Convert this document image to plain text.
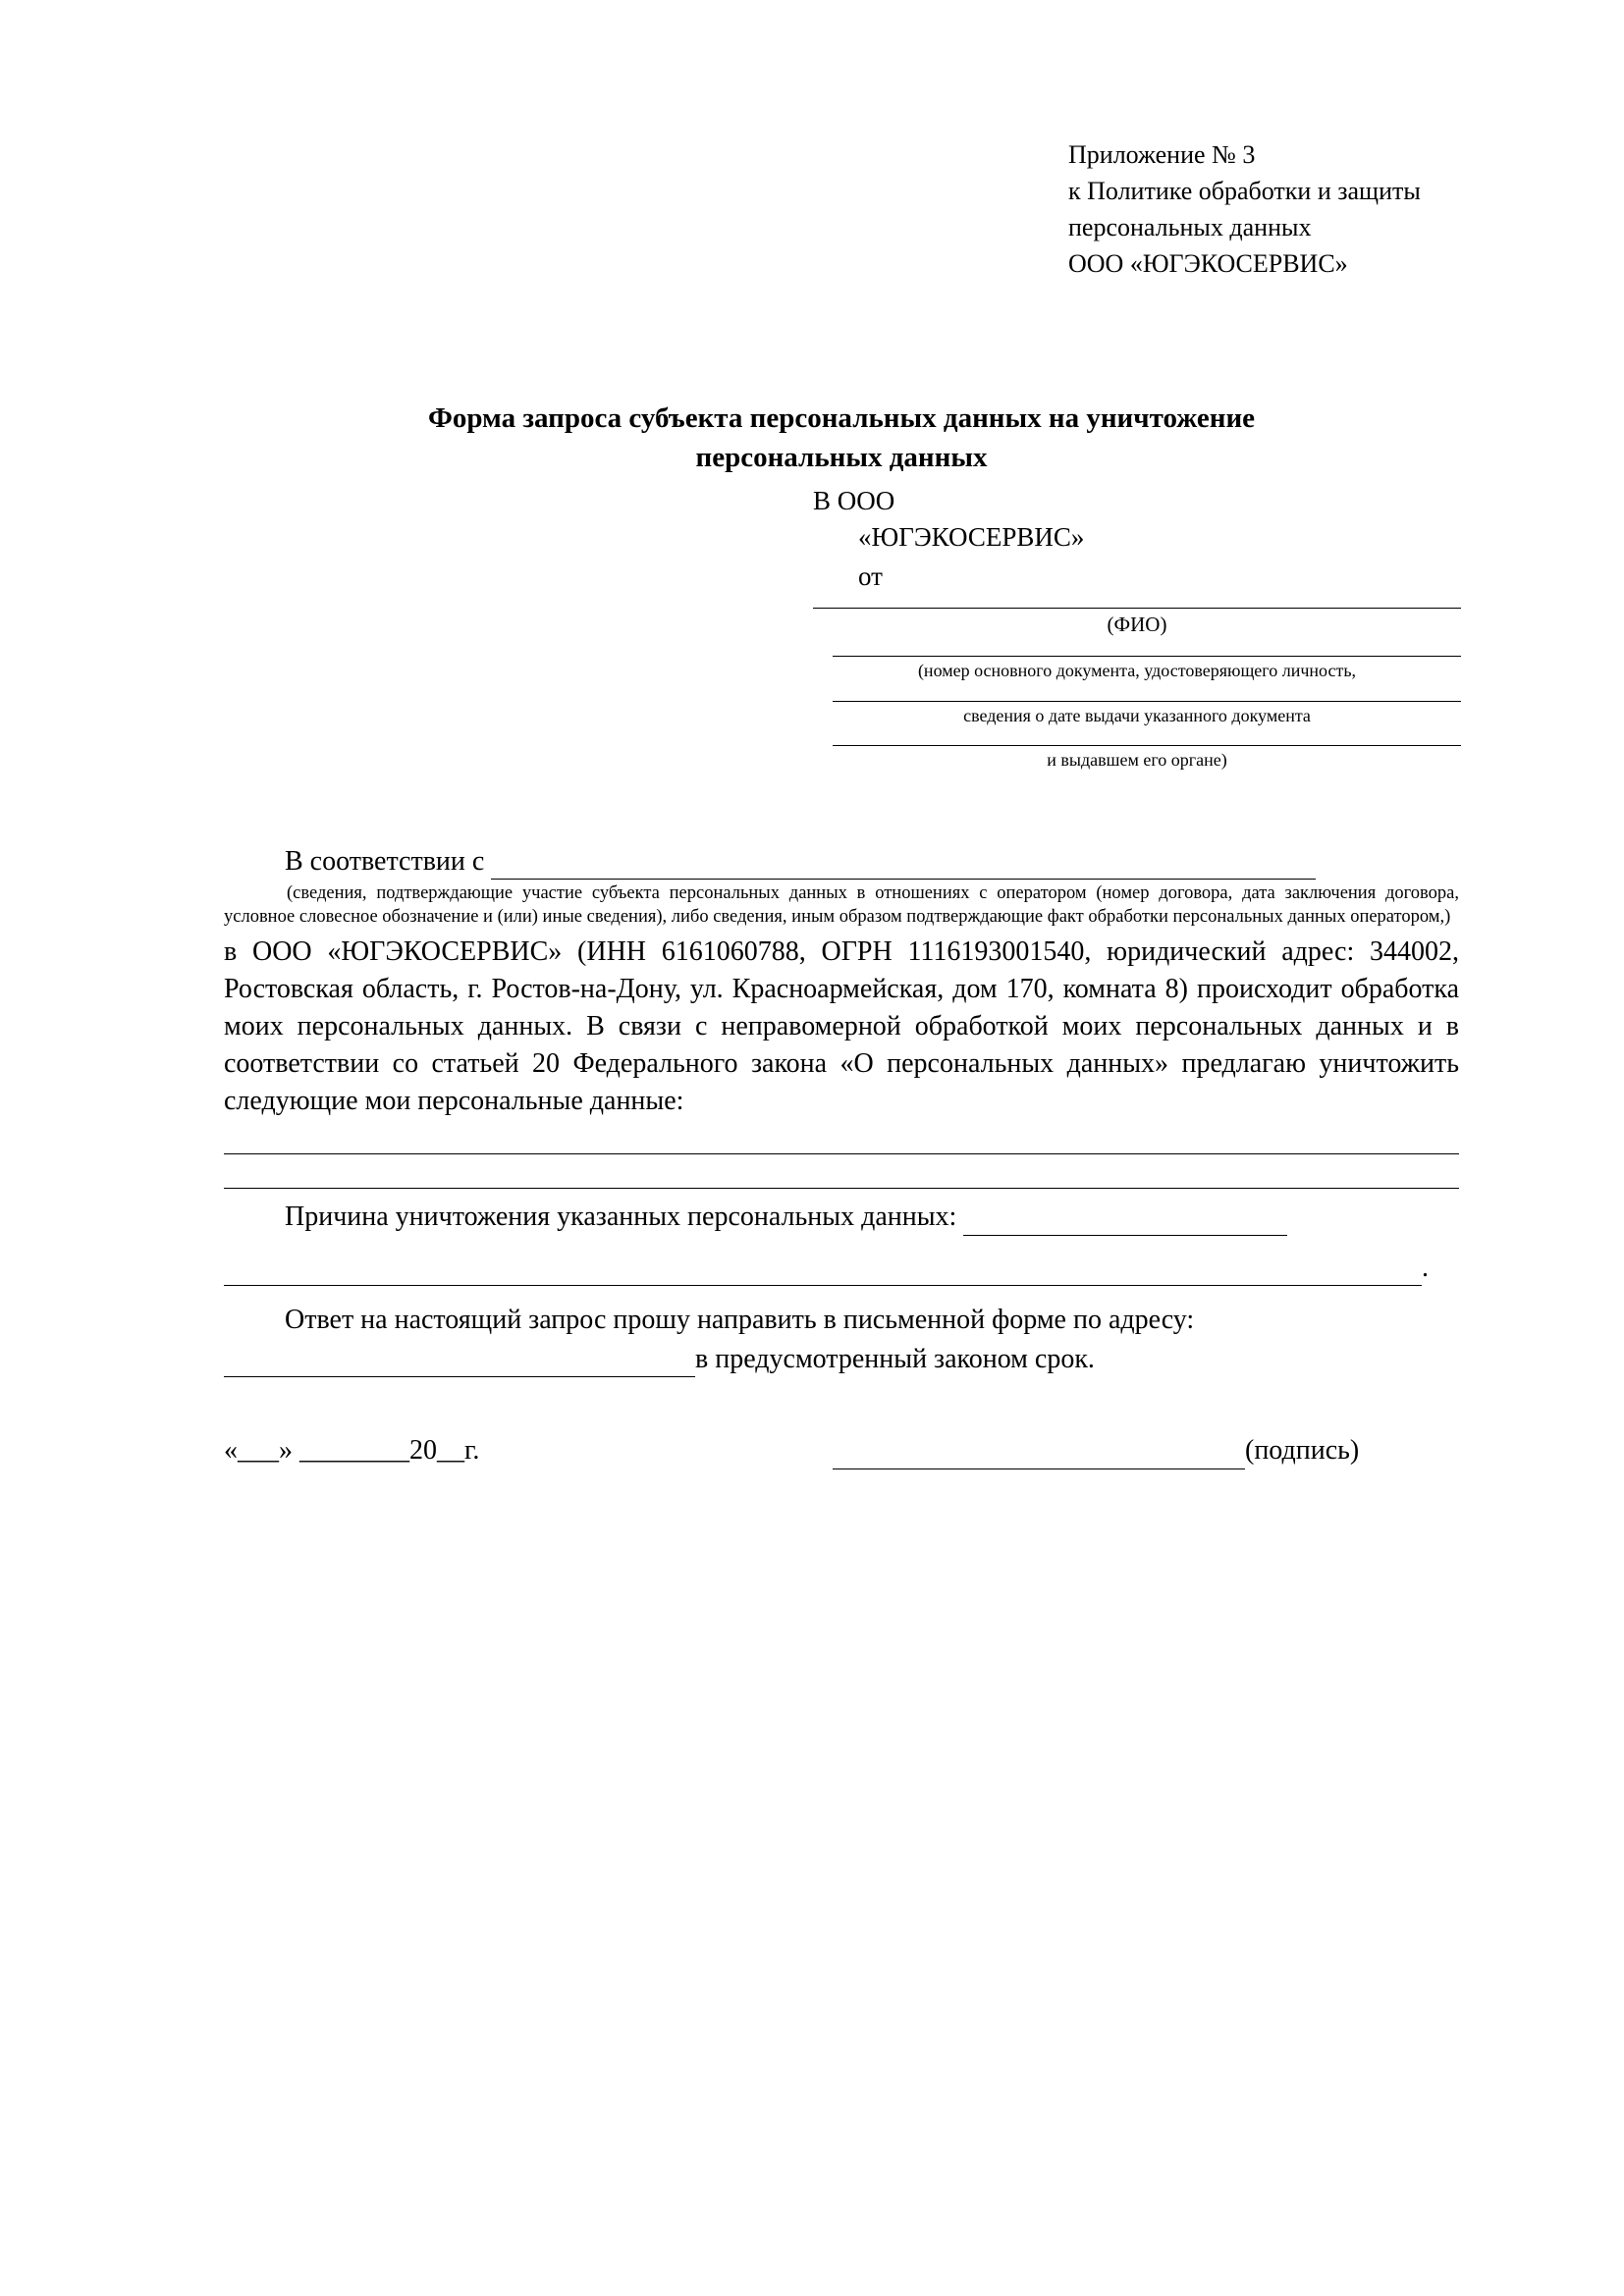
Приложение № 3
к Политике обработки и защиты
персональных данных
ООО «ЮГЭКОСЕРВИС»
Форма запроса субъекта персональных данных на уничтожение
персональных данных
В ООО
«ЮГЭКОСЕРВИС»
от
(ФИО)
(номер основного документа, удостоверяющего личность,
сведения о дате выдачи указанного документа
и выдавшем его органе)
В соответствии с
(сведения, подтверждающие участие субъекта персональных данных в отношениях с оператором (номер договора, дата заключения договора, условное словесное обозначение и (или) иные сведения), либо сведения, иным образом подтверждающие факт обработки персональных данных оператором,)
в ООО «ЮГЭКОСЕРВИС» (ИНН 6161060788, ОГРН 1116193001540, юридический адрес: 344002, Ростовская область, г. Ростов-на-Дону, ул. Красноармейская, дом 170, комната 8) происходит обработка моих персональных данных. В связи с неправомерной обработкой моих персональных данных и в соответствии со статьей 20 Федерального закона «О персональных данных» предлагаю уничтожить следующие мои персональные данные:
Причина уничтожения указанных персональных данных:
.
Ответ на настоящий запрос прошу направить в письменной форме по адресу:
в предусмотренный законом срок.
«___» ________20__г.	(подпись)
